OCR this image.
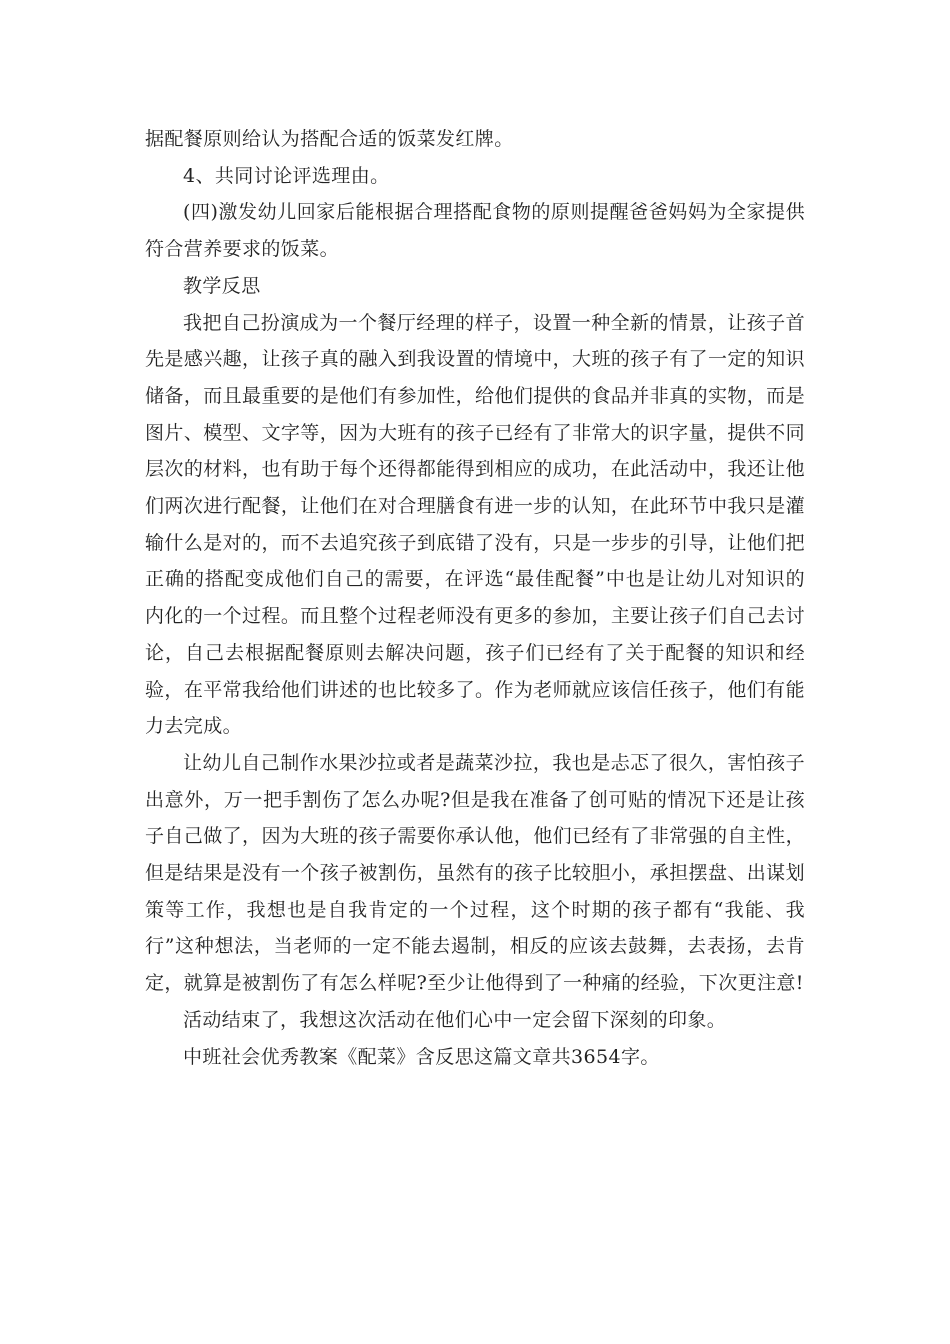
据配餐原则给认为搭配合适的饭菜发红牌。

4、共同讨论评选理由。

(四)激发幼儿回家后能根据合理搭配食物的原则提醒爸爸妈妈为全家提供符合营养要求的饭菜。

教学反思

我把自己扮演成为一个餐厅经理的样子，设置一种全新的情景，让孩子首先是感兴趣，让孩子真的融入到我设置的情境中，大班的孩子有了一定的知识储备，而且最重要的是他们有参加性，给他们提供的食品并非真的实物，而是图片、模型、文字等，因为大班有的孩子已经有了非常大的识字量，提供不同层次的材料，也有助于每个还得都能得到相应的成功，在此活动中，我还让他们两次进行配餐，让他们在对合理膳食有进一步的认知，在此环节中我只是灌输什么是对的，而不去追究孩子到底错了没有，只是一步步的引导，让他们把正确的搭配变成他们自己的需要，在评选“最佳配餐”中也是让幼儿对知识的内化的一个过程。而且整个过程老师没有更多的参加，主要让孩子们自己去讨论，自己去根据配餐原则去解决问题，孩子们已经有了关于配餐的知识和经验，在平常我给他们讲述的也比较多了。作为老师就应该信任孩子，他们有能力去完成。

让幼儿自己制作水果沙拉或者是蔬菜沙拉，我也是忐忑了很久，害怕孩子出意外，万一把手割伤了怎么办呢?但是我在准备了创可贴的情况下还是让孩子自己做了，因为大班的孩子需要你承认他，他们已经有了非常强的自主性，但是结果是没有一个孩子被割伤，虽然有的孩子比较胆小，承担摆盘、出谋划策等工作，我想也是自我肯定的一个过程，这个时期的孩子都有“我能、我行”这种想法，当老师的一定不能去遏制，相反的应该去鼓舞，去表扬，去肯定，就算是被割伤了有怎么样呢?至少让他得到了一种痛的经验，下次更注意!

活动结束了，我想这次活动在他们心中一定会留下深刻的印象。

中班社会优秀教案《配菜》含反思这篇文章共3654字。
